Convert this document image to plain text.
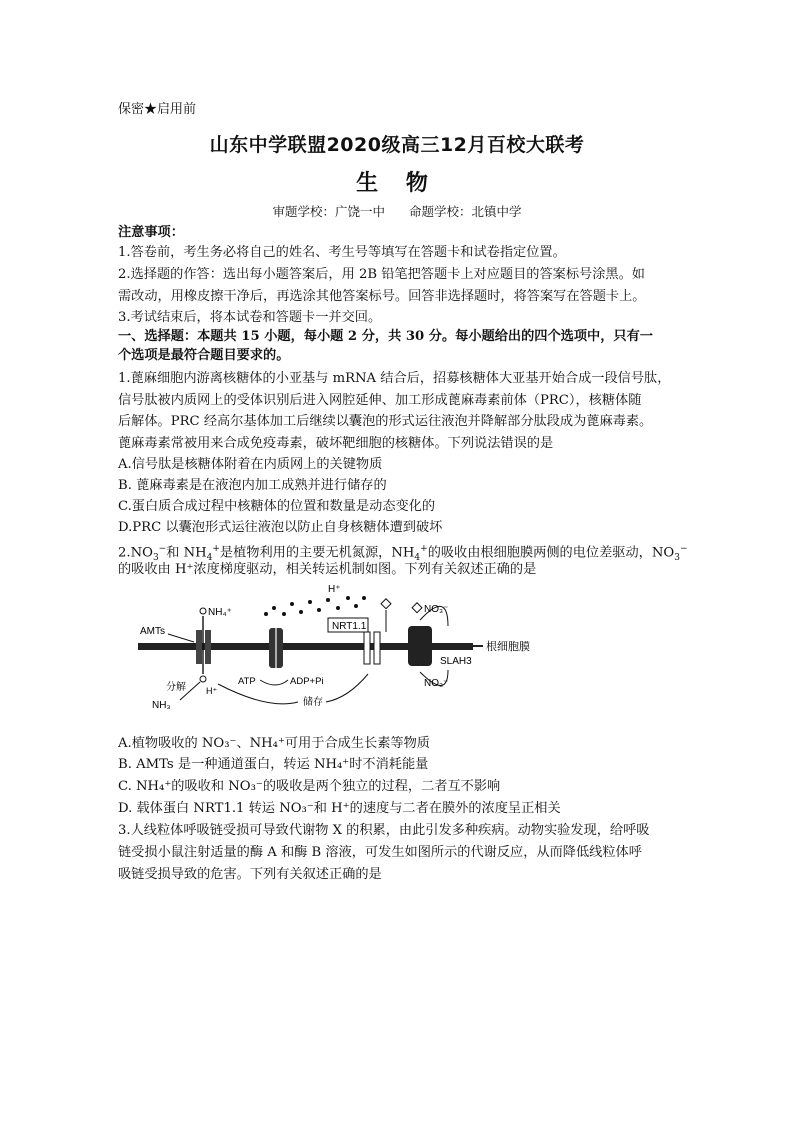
保密★启用前
山东中学联盟2020级高三12月百校大联考
生 物
审题学校：广饶一中 命题学校：北镇中学
注意事项：
1.答卷前，考生务必将自己的姓名、考生号等填写在答题卡和试卷指定位置。
2.选择题的作答：选出每小题答案后，用 2B 铅笔把答题卡上对应题目的答案标号涂黑。如
需改动，用橡皮擦干净后，再选涂其他答案标号。回答非选择题时，将答案写在答题卡上。
3.考试结束后，将本试卷和答题卡一并交回。
一、选择题：本题共 15 小题，每小题 2 分，共 30 分。每小题给出的四个选项中，只有一
个选项是最符合题目要求的。
1.蓖麻细胞内游离核糖体的小亚基与 mRNA 结合后，招募核糖体大亚基开始合成一段信号肽，
信号肽被内质网上的受体识别后进入网腔延伸、加工形成蓖麻毒素前体（PRC），核糖体随
后解体。PRC 经高尔基体加工后继续以囊泡的形式运往液泡并降解部分肽段成为蓖麻毒素。
蓖麻毒素常被用来合成免疫毒素，破坏靶细胞的核糖体。下列说法错误的是
A.信号肽是核糖体附着在内质网上的关键物质
B. 蓖麻毒素是在液泡内加工成熟并进行储存的
C.蛋白质合成过程中核糖体的位置和数量是动态变化的
D.PRC 以囊泡形式运往液泡以防止自身核糖体遭到破坏
$2.NO_3^-$和 $NH_4^+$是植物利用的主要无机氮源，$NH_4^+$的吸收由根细胞膜两侧的电位差驱动，$NO_3^-$
的吸收由 H⁺浓度梯度驱动，相关转运机制如图。下列有关叙述正确的是
NH₄⁺
AMTs
分解 H⁺
NH₃
ATP	ADP+Pi
H⁺
NRT1.1
储存
SLAH3
NO₃⁻
NO₃⁻
根细胞膜
A.植物吸收的 NO₃⁻、NH₄⁺可用于合成生长素等物质
B. AMTs 是一种通道蛋白，转运 NH₄⁺时不消耗能量
C. NH₄⁺的吸收和 NO₃⁻的吸收是两个独立的过程，二者互不影响
D. 载体蛋白 NRT1.1 转运 NO₃⁻和 H⁺的速度与二者在膜外的浓度呈正相关
3.人线粒体呼吸链受损可导致代谢物 X 的积累，由此引发多种疾病。动物实验发现，给呼吸
链受损小鼠注射适量的酶 A 和酶 B 溶液，可发生如图所示的代谢反应，从而降低线粒体呼
吸链受损导致的危害。下列有关叙述正确的是
